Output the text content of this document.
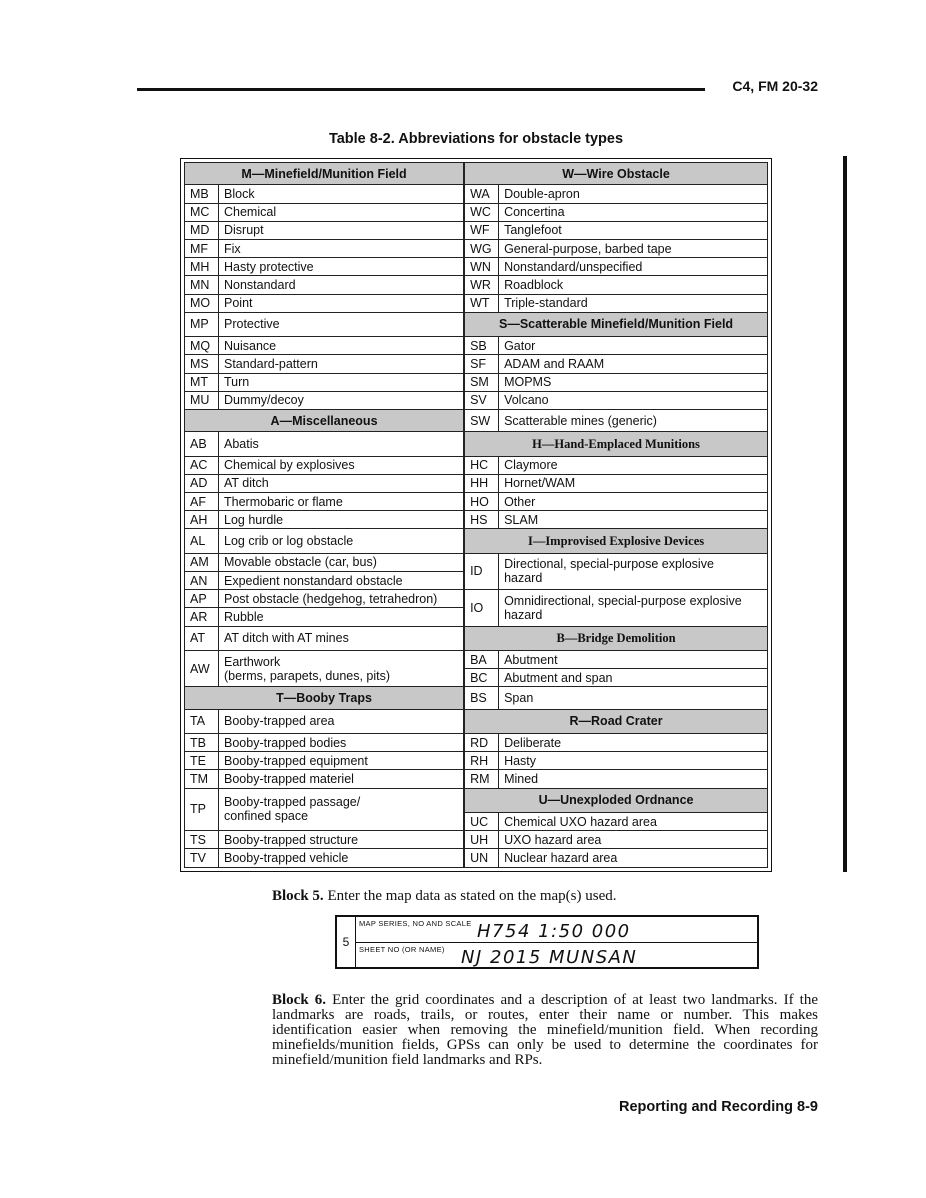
C4, FM 20-32
Table 8-2. Abbreviations for obstacle types
M—Minefield/Munition Field	
MB	Block
MC	Chemical
MD	Disrupt
MF	Fix
MH	Hasty protective
MN	Nonstandard
MO	Point
MP	Protective
MQ	Nuisance
MS	Standard-pattern
MT	Turn
MU	Dummy/decoy
A—Miscellaneous	
AB	Abatis
AC	Chemical by explosives
AD	AT ditch
AF	Thermobaric or flame
AH	Log hurdle
AL	Log crib or log obstacle
AM	Movable obstacle (car, bus)
AN	Expedient nonstandard obstacle
AP	Post obstacle (hedgehog, tetrahedron)
AR	Rubble
AT	AT ditch with AT mines
AW	Earthwork
(berms, parapets, dunes, pits)

T—Booby Traps	
TA	Booby-trapped area
TB	Booby-trapped bodies
TE	Booby-trapped equipment
TM	Booby-trapped materiel
TP	Booby-trapped passage/
confined space

TS	Booby-trapped structure
TV	Booby-trapped vehicle
W—Wire Obstacle	
WA	Double-apron
WC	Concertina
WF	Tanglefoot
WG	General-purpose, barbed tape
WN	Nonstandard/unspecified
WR	Roadblock
WT	Triple-standard
S—Scatterable Minefield/Munition Field	
SB	Gator
SF	ADAM and RAAM
SM	MOPMS
SV	Volcano
SW	Scatterable mines (generic)
H—Hand-Emplaced Munitions	
HC	Claymore
HH	Hornet/WAM
HO	Other
HS	SLAM
I—Improvised Explosive Devices	
ID	Directional, special-purpose explosive
hazard

IO	Omnidirectional, special-purpose explosive
hazard

B—Bridge Demolition	
BA	Abutment
BC	Abutment and span
BS	Span
R—Road Crater	
RD	Deliberate
RH	Hasty
RM	Mined
U—Unexploded Ordnance	
UC	Chemical UXO hazard area
UH	UXO hazard area
UN	Nuclear hazard area
Block 5. Enter the map data as stated on the map(s) used.
5
MAP SERIES, NO AND SCALE H754 1:50 000
SHEET NO (OR NAME) NJ 2015 MUNSAN
Block 6. Enter the grid coordinates and a description of at least two landmarks. If the landmarks are roads, trails, or routes, enter their name or number. This makes identification easier when removing the minefield/munition field. When recording minefields/munition fields, GPSs can only be used to determine the coordinates for minefield/munition field landmarks and RPs.
Reporting and Recording 8-9
